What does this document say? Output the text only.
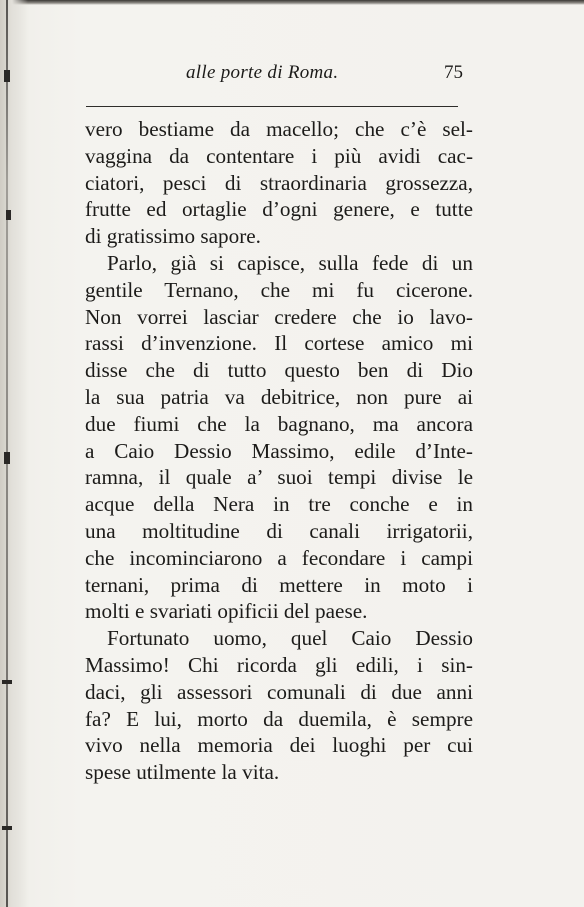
alle porte di Roma.	75
vero bestiame da macello; che c’è sel-
vaggina da contentare i più avidi cac-
ciatori, pesci di straordinaria grossezza,
frutte ed ortaglie d’ogni genere, e tutte
di gratissimo sapore.
Parlo, già si capisce, sulla fede di un
gentile Ternano, che mi fu cicerone.
Non vorrei lasciar credere che io lavo-
rassi d’invenzione. Il cortese amico mi
disse che di tutto questo ben di Dio
la sua patria va debitrice, non pure ai
due fiumi che la bagnano, ma ancora
a Caio Dessio Massimo, edile d’Inte-
ramna, il quale a’ suoi tempi divise le
acque della Nera in tre conche e in
una moltitudine di canali irrigatorii,
che incominciarono a fecondare i campi
ternani, prima di mettere in moto i
molti e svariati opificii del paese.
Fortunato uomo, quel Caio Dessio
Massimo! Chi ricorda gli edili, i sin-
daci, gli assessori comunali di due anni
fa? E lui, morto da duemila, è sempre
vivo nella memoria dei luoghi per cui
spese utilmente la vita.
